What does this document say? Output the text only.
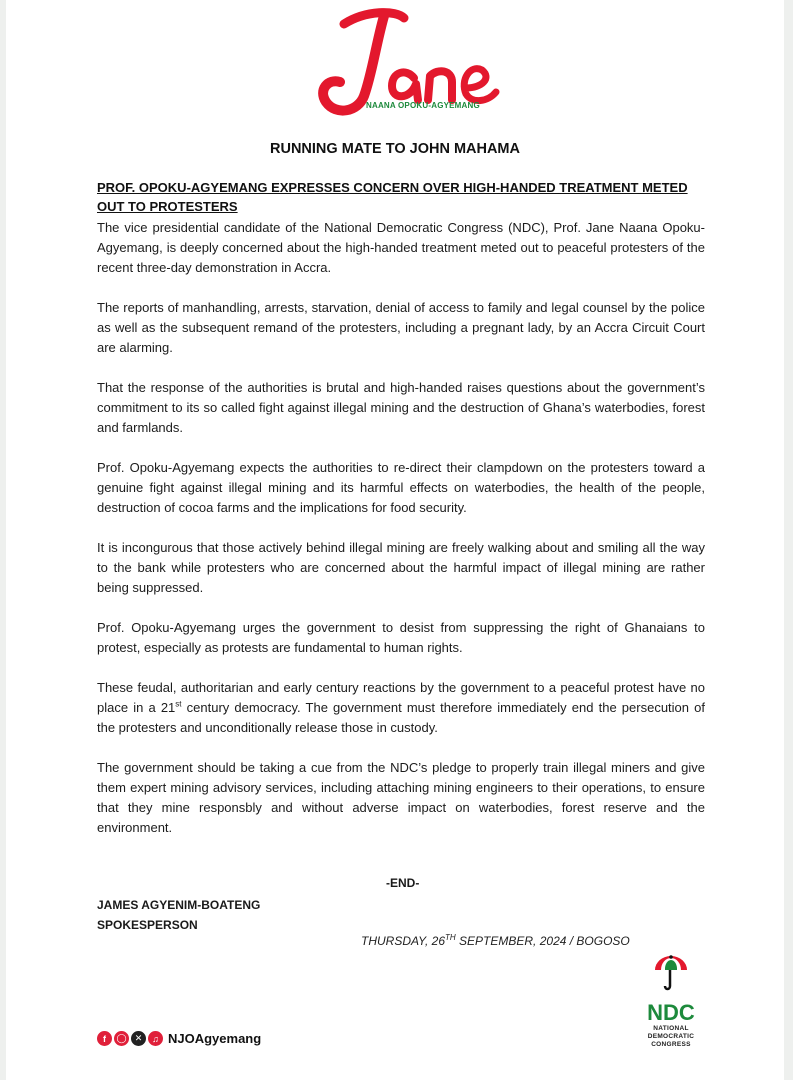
NAANA OPOKU-AGYEMANG
RUNNING MATE TO JOHN MAHAMA
PROF. OPOKU-AGYEMANG EXPRESSES CONCERN OVER HIGH-HANDED TREATMENT METED OUT TO PROTESTERS

The vice presidential candidate of the National Democratic Congress (NDC), Prof. Jane Naana Opoku-Agyemang, is deeply concerned about the high-handed treatment meted out to peaceful protesters of the recent three-day demonstration in Accra.

The reports of manhandling, arrests, starvation, denial of access to family and legal counsel by the police as well as the subsequent remand of the protesters, including a pregnant lady, by an Accra Circuit Court are alarming.

That the response of the authorities is brutal and high-handed raises questions about the government’s commitment to its so called fight against illegal mining and the destruction of Ghana’s waterbodies, forest and farmlands.

Prof. Opoku-Agyemang expects the authorities to re-direct their clampdown on the protesters toward a genuine fight against illegal mining and its harmful effects on waterbodies, the health of the people, destruction of cocoa farms and the implications for food security.

It is incongurous that those actively behind illegal mining are freely walking about and smiling all the way to the bank while protesters who are concerned about the harmful impact of illegal mining are rather being suppressed.

Prof. Opoku-Agyemang urges the government to desist from suppressing the right of Ghanaians to protest, especially as protests are fundamental to human rights.

These feudal, authoritarian and early century reactions by the government to a peaceful protest have no place in a 21st century democracy. The government must therefore immediately end the persecution of the protesters and unconditionally release those in custody.

The government should be taking a cue from the NDC’s pledge to properly train illegal miners and give them expert mining advisory services, including attaching mining engineers to their operations, to ensure that they mine responsbly and without adverse impact on waterbodies, forest reserve and the environment.

-END-
JAMES AGYENIM-BOATENG
SPOKESPERSON
THURSDAY, 26TH SEPTEMBER, 2024 / BOGOSO
NDC
NATIONAL
DEMOCRATIC
CONGRESS
f	◯ ✕	♫ NJOAgyemang
